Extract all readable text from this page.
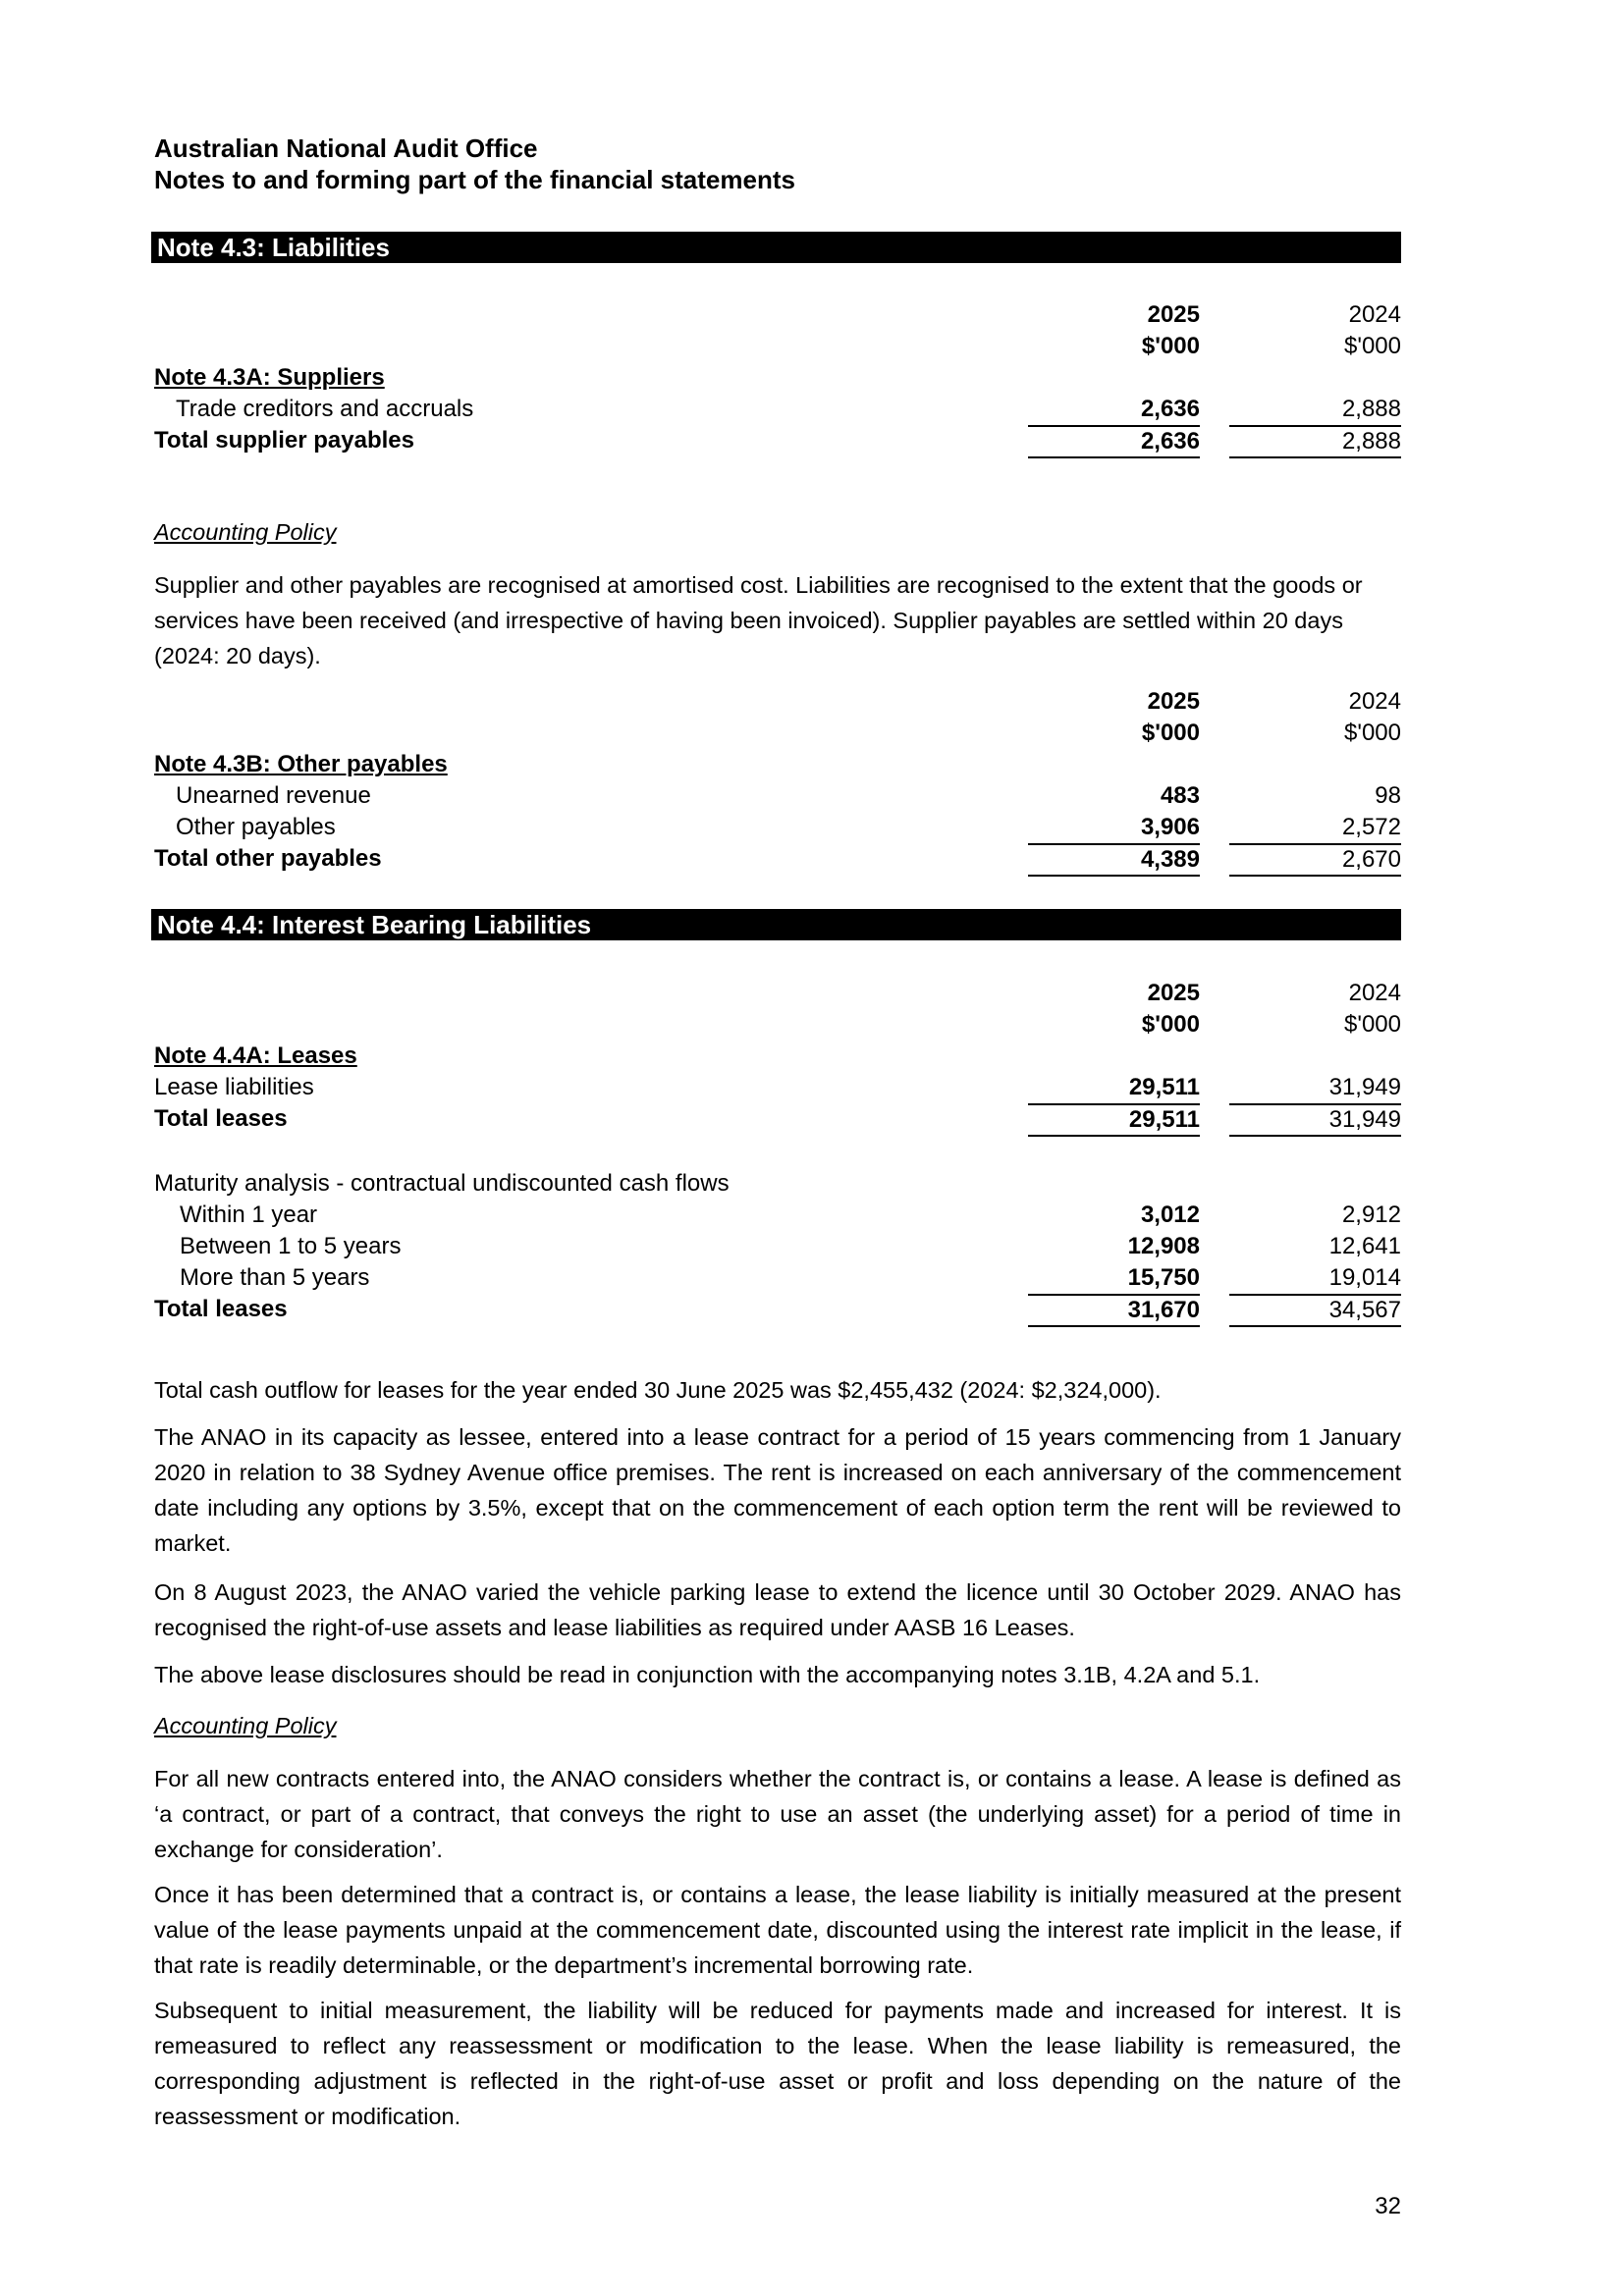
Australian National Audit Office
Notes to and forming part of the financial statements
Note 4.3: Liabilities
2025	2024
$'000	$'000
Note 4.3A: Suppliers
Trade creditors and accruals	2,636	2,888
Total supplier payables	2,636	2,888
Accounting Policy

Supplier and other payables are recognised at amortised cost. Liabilities are recognised to the extent that the goods or services have been received (and irrespective of having been invoiced). Supplier payables are settled within 20 days (2024: 20 days).

2025	2024
$'000	$'000
Note 4.3B: Other payables
Unearned revenue	483	98
Other payables	3,906	2,572
Total other payables	4,389	2,670
Note 4.4: Interest Bearing Liabilities
2025	2024
$'000	$'000
Note 4.4A: Leases
Lease liabilities	29,511	31,949
Total leases	29,511	31,949
Maturity analysis - contractual undiscounted cash flows
Within 1 year	3,012	2,912
Between 1 to 5 years	12,908	12,641
More than 5 years	15,750	19,014
Total leases	31,670	34,567

Total cash outflow for leases for the year ended 30 June 2025 was $2,455,432 (2024: $2,324,000).

The ANAO in its capacity as lessee, entered into a lease contract for a period of 15 years commencing from 1 January 2020 in relation to 38 Sydney Avenue office premises. The rent is increased on each anniversary of the commencement date including any options by 3.5%, except that on the commencement of each option term the rent will be reviewed to market.

On 8 August 2023, the ANAO varied the vehicle parking lease to extend the licence until 30 October 2029. ANAO has recognised the right-of-use assets and lease liabilities as required under AASB 16 Leases.

The above lease disclosures should be read in conjunction with the accompanying notes 3.1B, 4.2A and 5.1.

Accounting Policy

For all new contracts entered into, the ANAO considers whether the contract is, or contains a lease. A lease is defined as ‘a contract, or part of a contract, that conveys the right to use an asset (the underlying asset) for a period of time in exchange for consideration’.

Once it has been determined that a contract is, or contains a lease, the lease liability is initially measured at the present value of the lease payments unpaid at the commencement date, discounted using the interest rate implicit in the lease, if that rate is readily determinable, or the department’s incremental borrowing rate.

Subsequent to initial measurement, the liability will be reduced for payments made and increased for interest. It is remeasured to reflect any reassessment or modification to the lease. When the lease liability is remeasured, the corresponding adjustment is reflected in the right-of-use asset or profit and loss depending on the nature of the reassessment or modification.

32
